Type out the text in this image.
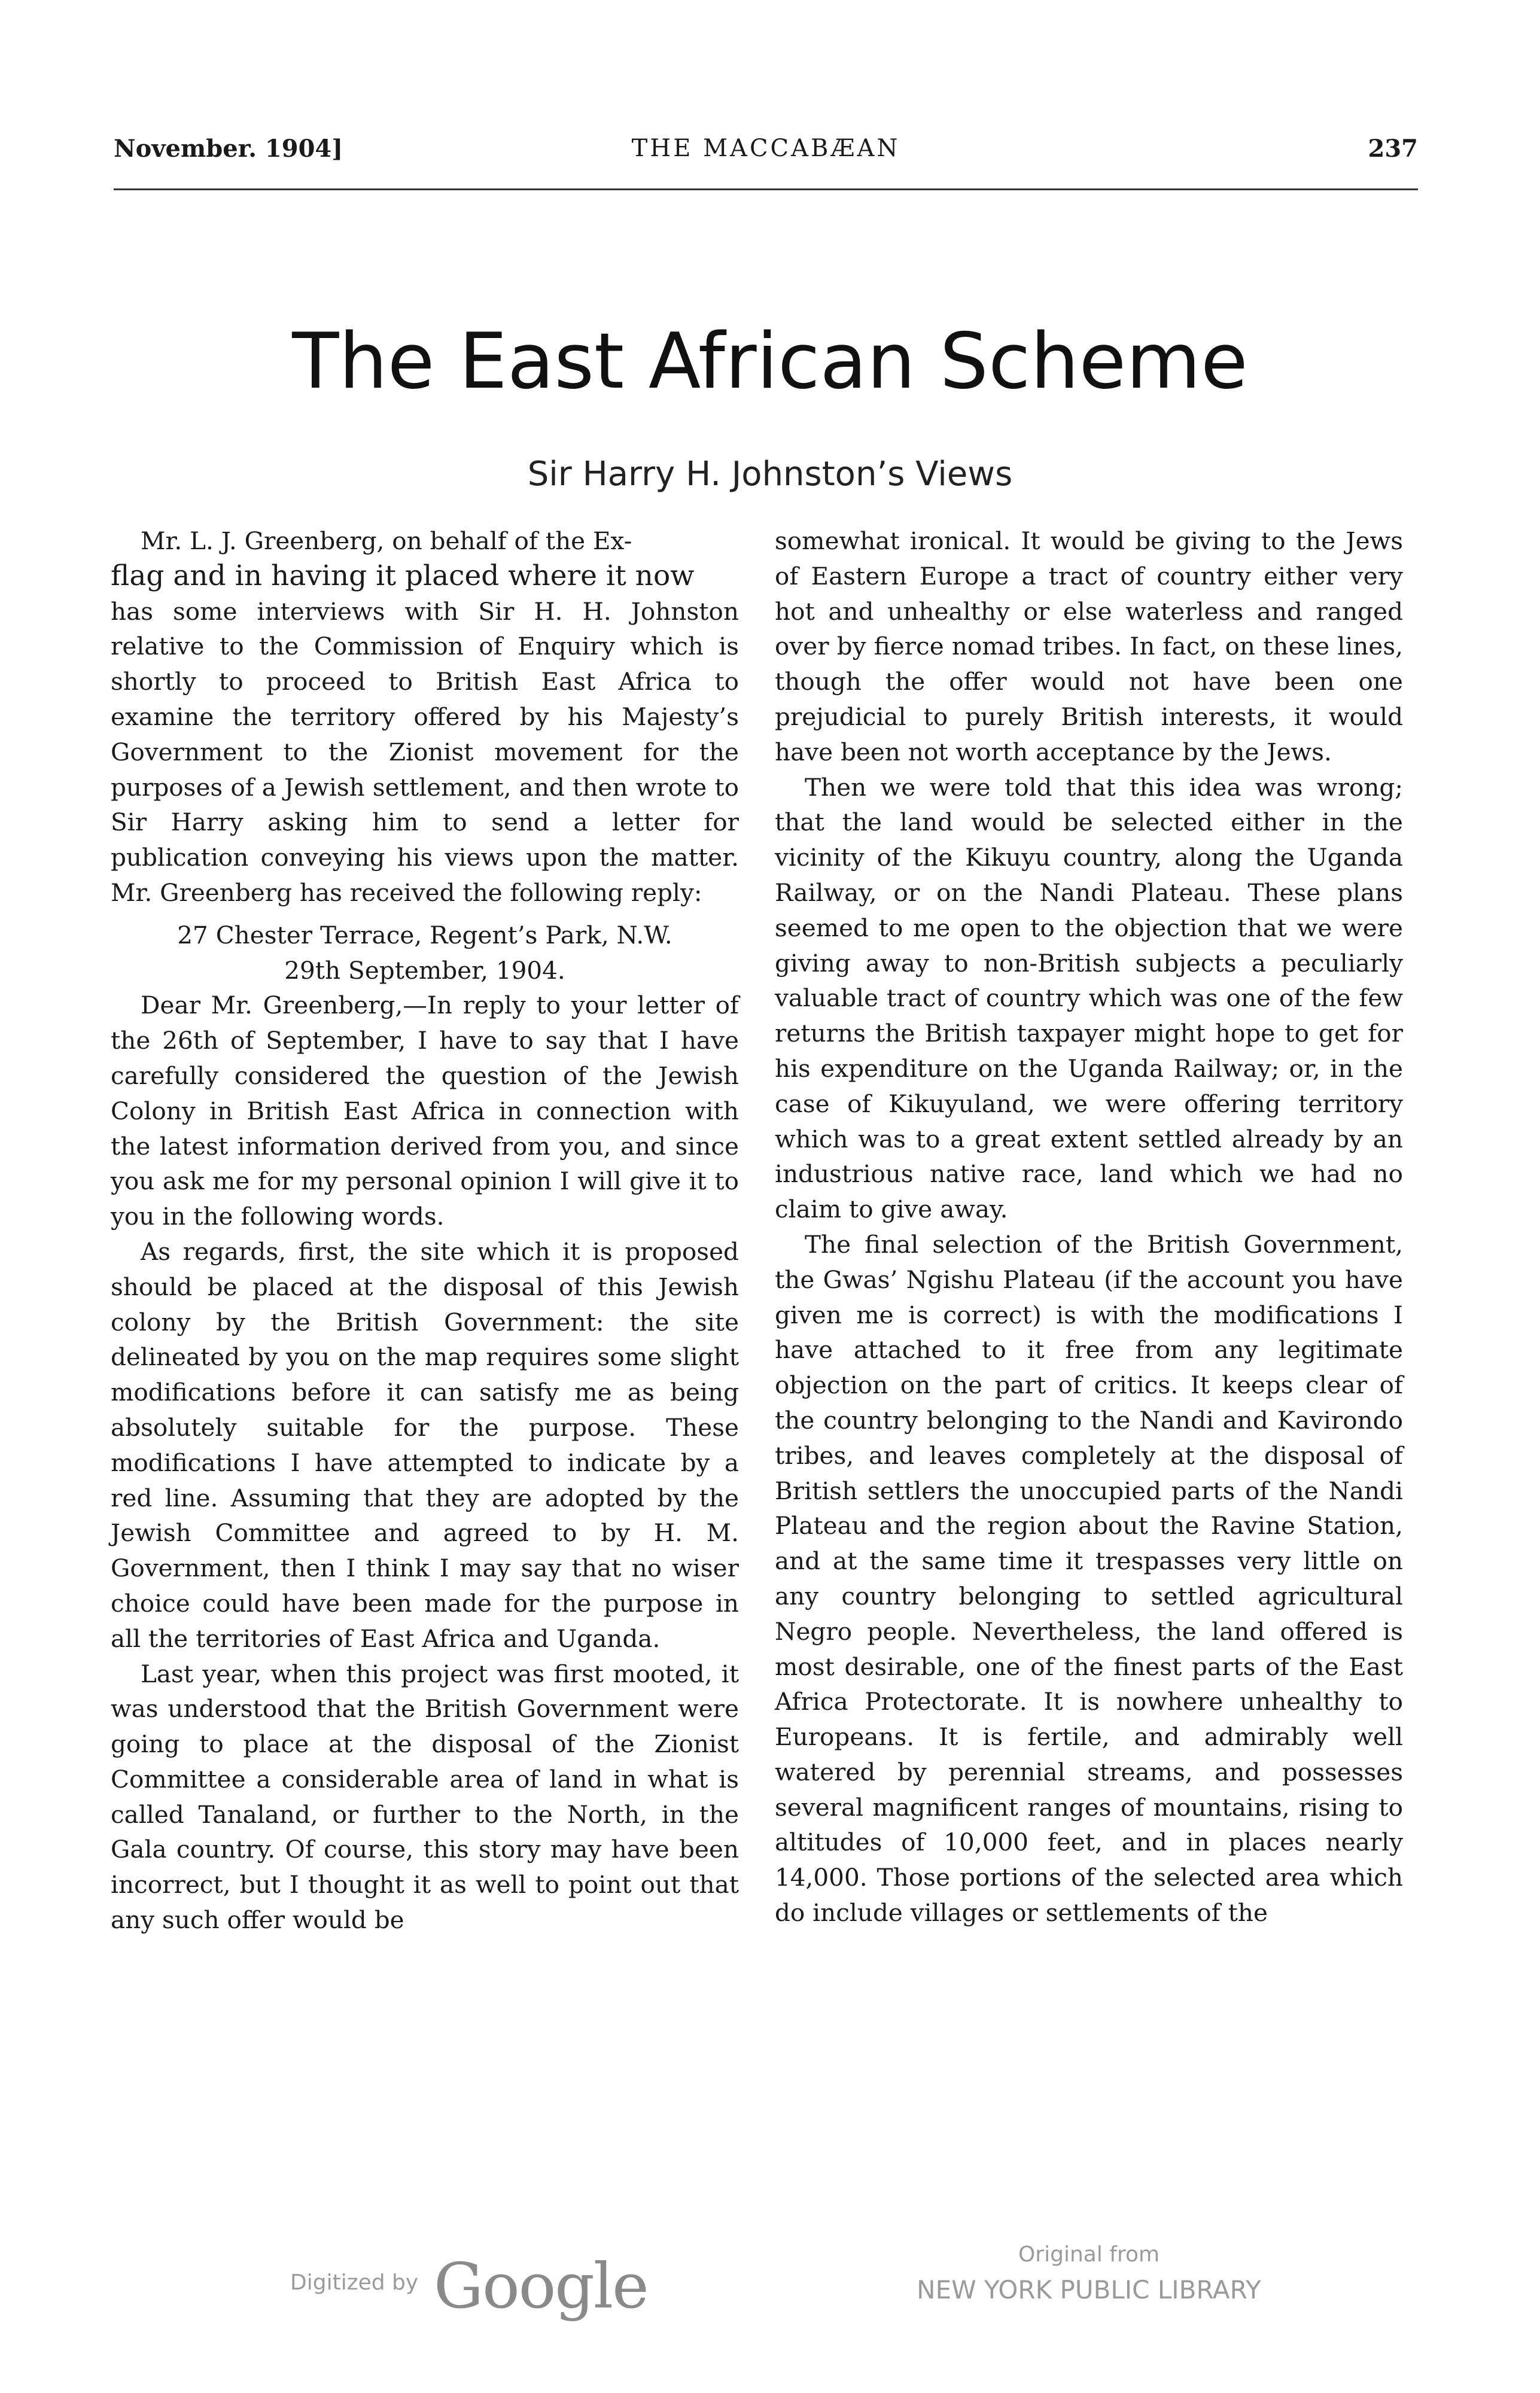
November. 1904]	THE MACCABÆAN	237
The East African Scheme
Sir Harry H. Johnston’s Views

Mr. L. J. Greenberg, on behalf of the Ex-

flag and in having it placed where it now

has some interviews with Sir H. H. Johnston relative to the Commission of Enquiry which is shortly to proceed to British East Africa to examine the territory offered by his Majesty’s Government to the Zionist movement for the purposes of a Jewish settlement, and then wrote to Sir Harry asking him to send a letter for publication conveying his views upon the matter. Mr. Greenberg has received the following reply:

27 Chester Terrace, Regent’s Park, N.W.

29th September, 1904.

Dear Mr. Greenberg,—In reply to your letter of the 26th of September, I have to say that I have carefully considered the question of the Jewish Colony in British East Africa in connection with the latest information derived from you, and since you ask me for my personal opinion I will give it to you in the following words.

As regards, first, the site which it is proposed should be placed at the disposal of this Jewish colony by the British Government: the site delineated by you on the map requires some slight modifications before it can satisfy me as being absolutely suitable for the purpose. These modifications I have attempted to indicate by a red line. Assuming that they are adopted by the Jewish Committee and agreed to by H. M. Government, then I think I may say that no wiser choice could have been made for the purpose in all the territories of East Africa and Uganda.

Last year, when this project was first mooted, it was understood that the British Government were going to place at the disposal of the Zionist Committee a considerable area of land in what is called Tanaland, or further to the North, in the Gala country. Of course, this story may have been incorrect, but I thought it as well to point out that any such offer would be

somewhat ironical. It would be giving to the Jews of Eastern Europe a tract of country either very hot and unhealthy or else waterless and ranged over by fierce nomad tribes. In fact, on these lines, though the offer would not have been one prejudicial to purely British interests, it would have been not worth acceptance by the Jews.

Then we were told that this idea was wrong; that the land would be selected either in the vicinity of the Kikuyu country, along the Uganda Railway, or on the Nandi Plateau. These plans seemed to me open to the objection that we were giving away to non-British subjects a peculiarly valuable tract of country which was one of the few returns the British taxpayer might hope to get for his expenditure on the Uganda Railway; or, in the case of Kikuyuland, we were offering territory which was to a great extent settled already by an industrious native race, land which we had no claim to give away.

The final selection of the British Government, the Gwas’ Ngishu Plateau (if the account you have given me is correct) is with the modifications I have attached to it free from any legitimate objection on the part of critics. It keeps clear of the country belonging to the Nandi and Kavirondo tribes, and leaves completely at the disposal of British settlers the unoccupied parts of the Nandi Plateau and the region about the Ravine Station, and at the same time it trespasses very little on any country belonging to settled agricultural Negro people. Nevertheless, the land offered is most desirable, one of the finest parts of the East Africa Protectorate. It is nowhere unhealthy to Europeans. It is fertile, and admirably well watered by perennial streams, and possesses several magnificent ranges of mountains, rising to altitudes of 10,000 feet, and in places nearly 14,000. Those portions of the selected area which do include villages or settlements of the

Digitized by Google	Original from
NEW YORK PUBLIC LIBRARY
